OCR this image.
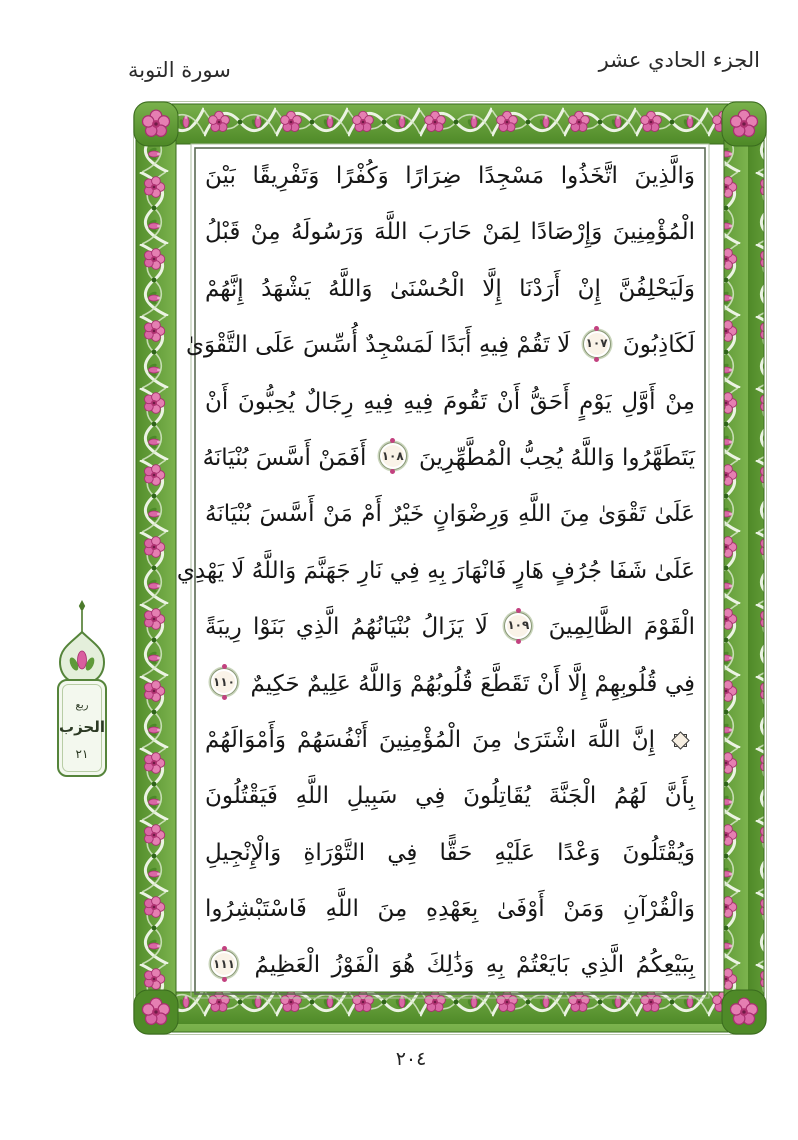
الجزء الحادي عشر
سورة التوبة
وَالَّذِينَ اتَّخَذُوا مَسْجِدًا ضِرَارًا وَكُفْرًا وَتَفْرِيقًا بَيْنَ
الْمُؤْمِنِينَ وَإِرْصَادًا لِمَنْ حَارَبَ اللَّهَ وَرَسُولَهُ مِنْ قَبْلُ
وَلَيَحْلِفُنَّ إِنْ أَرَدْنَا إِلَّا الْحُسْنَىٰ وَاللَّهُ يَشْهَدُ إِنَّهُمْ
لَكَاذِبُونَ ١٠٧ لَا تَقُمْ فِيهِ أَبَدًا لَمَسْجِدٌ أُسِّسَ عَلَى التَّقْوَىٰ
مِنْ أَوَّلِ يَوْمٍ أَحَقُّ أَنْ تَقُومَ فِيهِ فِيهِ رِجَالٌ يُحِبُّونَ أَنْ
يَتَطَهَّرُوا وَاللَّهُ يُحِبُّ الْمُطَّهِّرِينَ ١٠٨ أَفَمَنْ أَسَّسَ بُنْيَانَهُ
عَلَىٰ تَقْوَىٰ مِنَ اللَّهِ وَرِضْوَانٍ خَيْرٌ أَمْ مَنْ أَسَّسَ بُنْيَانَهُ
عَلَىٰ شَفَا جُرُفٍ هَارٍ فَانْهَارَ بِهِ فِي نَارِ جَهَنَّمَ وَاللَّهُ لَا يَهْدِي
الْقَوْمَ الظَّالِمِينَ ١٠٩ لَا يَزَالُ بُنْيَانُهُمُ الَّذِي بَنَوْا رِيبَةً
فِي قُلُوبِهِمْ إِلَّا أَنْ تَقَطَّعَ قُلُوبُهُمْ وَاللَّهُ عَلِيمٌ حَكِيمٌ ١١٠
إِنَّ اللَّهَ اشْتَرَىٰ مِنَ الْمُؤْمِنِينَ أَنْفُسَهُمْ وَأَمْوَالَهُمْ
بِأَنَّ لَهُمُ الْجَنَّةَ يُقَاتِلُونَ فِي سَبِيلِ اللَّهِ فَيَقْتُلُونَ
وَيُقْتَلُونَ وَعْدًا عَلَيْهِ حَقًّا فِي التَّوْرَاةِ وَالْإِنْجِيلِ
وَالْقُرْآنِ وَمَنْ أَوْفَىٰ بِعَهْدِهِ مِنَ اللَّهِ فَاسْتَبْشِرُوا
بِبَيْعِكُمُ الَّذِي بَايَعْتُمْ بِهِ وَذَٰلِكَ هُوَ الْفَوْزُ الْعَظِيمُ ١١١
ربع
الحزب
٢١
٢٠٤
